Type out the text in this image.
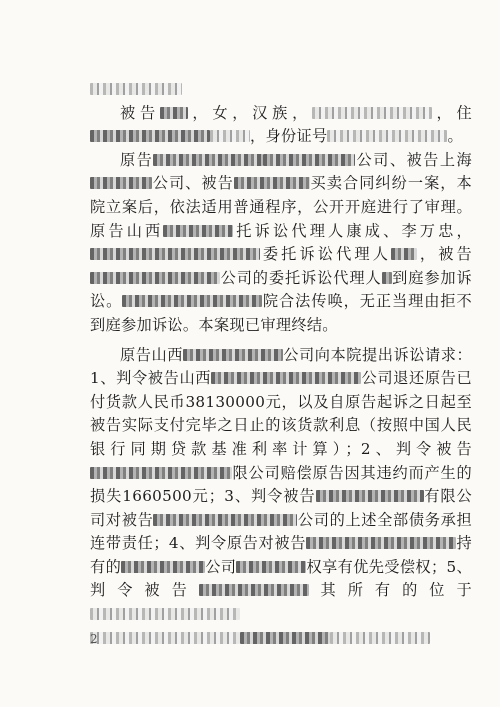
被告 ，女，汉族，	，住，身份证号	。

原告	公司、被告上海公司、被告	买卖合同纠纷一案，本院立案后，依法适用普通程序，公开开庭进行了审理。原告山西	托诉讼代理人康成、李万忠，委托诉讼代理人 ，被告公司的委托诉讼代理人 到庭参加诉讼。	院合法传唤，无正当理由拒不到庭参加诉讼。本案现已审理终结。

原告山西	公司向本院提出诉讼请求：1、判令被告山西	公司退还原告已付货款人民币38130000元，以及自原告起诉之日起至被告实际支付完毕之日止的该货款利息（按照中国人民银行同期贷款基准利率计算）；2、判令被告限公司赔偿原告因其违约而产生的损失1660500元；3、判令被告	有限公司对被告	公司的上述全部债务承担连带责任；4、判令原告对被告	持有的	公司	权享有优先受偿权；5、判令被告	其所有的位于

2
